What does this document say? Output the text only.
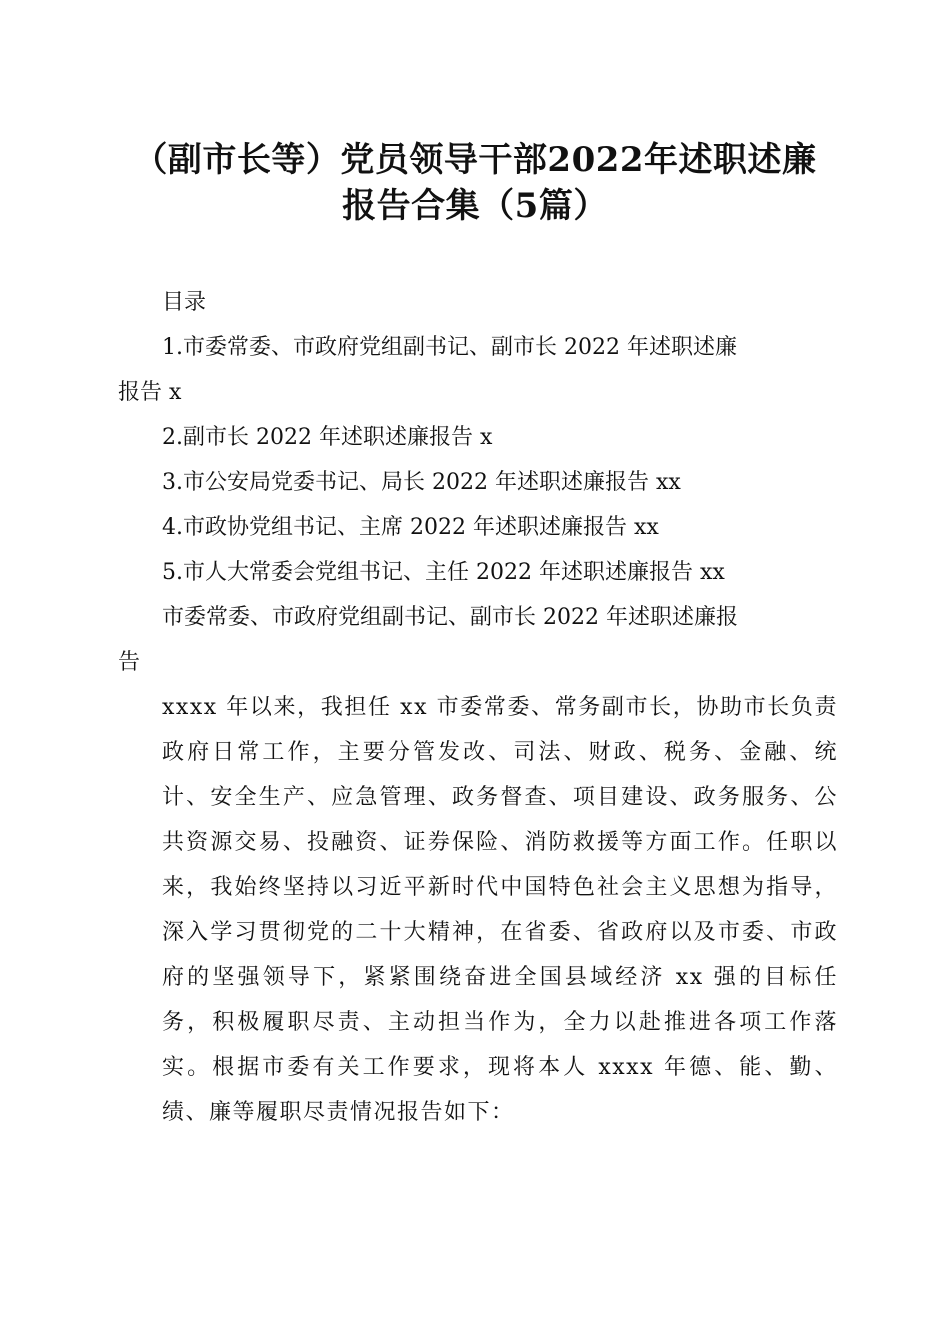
（副市长等）党员领导干部2022年述职述廉
报告合集（5篇）

目录

1.市委常委、市政府党组副书记、副市长 2022 年述职述廉

报告 x

2.副市长 2022 年述职述廉报告 x

3.市公安局党委书记、局长 2022 年述职述廉报告 xx

4.市政协党组书记、主席 2022 年述职述廉报告 xx

5.市人大常委会党组书记、主任 2022 年述职述廉报告 xx

市委常委、市政府党组副书记、副市长 2022 年述职述廉报

告

xxxx 年以来，我担任 xx 市委常委、常务副市长，协助市长负责政府日常工作，主要分管发改、司法、财政、税务、金融、统计、安全生产、应急管理、政务督查、项目建设、政务服务、公共资源交易、投融资、证券保险、消防救援等方面工作。任职以来，我始终坚持以习近平新时代中国特色社会主义思想为指导，深入学习贯彻党的二十大精神，在省委、省政府以及市委、市政府的坚强领导下，紧紧围绕奋进全国县域经济 xx 强的目标任务，积极履职尽责、主动担当作为，全力以赴推进各项工作落实。根据市委有关工作要求，现将本人 xxxx 年德、能、勤、绩、廉等履职尽责情况报告如下：
